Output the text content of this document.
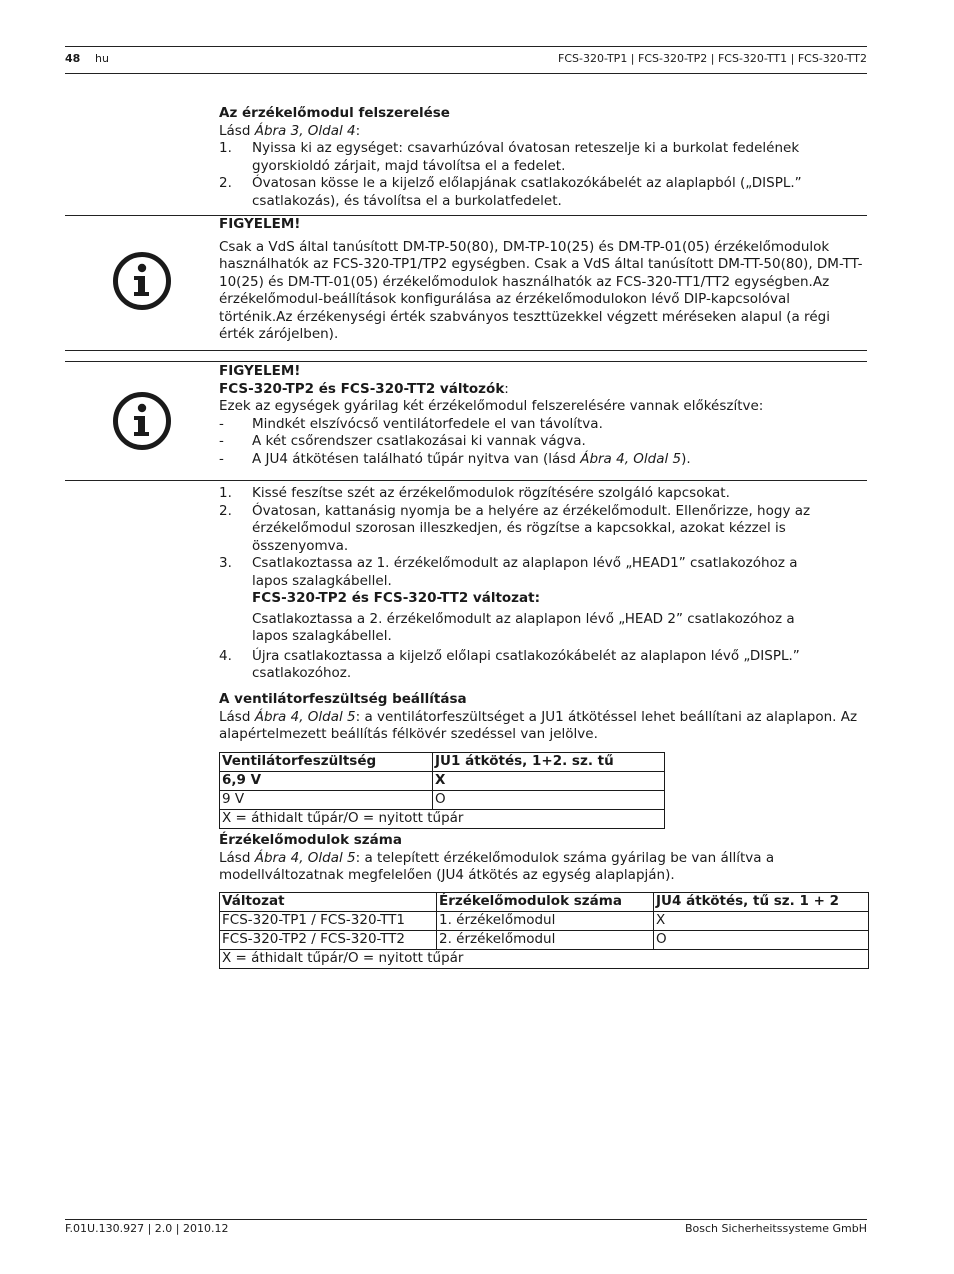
48 hu	FCS-320-TP1 | FCS-320-TP2 | FCS-320-TT1 | FCS-320-TT2
Az érzékelőmodul felszerelése
Lásd Ábra 3, Oldal 4:
1. Nyissa ki az egységet: csavarhúzóval óvatosan reteszelje ki a burkolat fedelének gyorskioldó zárjait, majd távolítsa el a fedelet.
2. Óvatosan kösse le a kijelző előlapjának csatlakozókábelét az alaplapból („DISPL.” csatlakozás), és távolítsa el a burkolatfedelet.
FIGYELEM!
Csak a VdS által tanúsított DM-TP-50(80), DM-TP-10(25) és DM-TP-01(05) érzékelőmodulok használhatók az FCS-320-TP1/TP2 egységben. Csak a VdS által tanúsított DM-TT-50(80), DM-TT-10(25) és DM-TT-01(05) érzékelőmodulok használhatók az FCS-320-TT1/TT2 egységben.Az érzékelőmodul-beállítások konfigurálása az érzékelőmodulokon lévő DIP-kapcsolóval történik.Az érzékenységi érték szabványos teszttüzekkel végzett méréseken alapul (a régi érték zárójelben).
FIGYELEM!
FCS-320-TP2 és FCS-320-TT2 változók:
Ezek az egységek gyárilag két érzékelőmodul felszerelésére vannak előkészítve:
- Mindkét elszívócső ventilátorfedele el van távolítva.
- A két csőrendszer csatlakozásai ki vannak vágva.
- A JU4 átkötésen található tűpár nyitva van (lásd Ábra 4, Oldal 5).
1. Kissé feszítse szét az érzékelőmodulok rögzítésére szolgáló kapcsokat.
2. Óvatosan, kattanásig nyomja be a helyére az érzékelőmodult. Ellenőrizze, hogy az érzékelőmodul szorosan illeszkedjen, és rögzítse a kapcsokkal, azokat kézzel is összenyomva.
3. Csatlakoztassa az 1. érzékelőmodult az alaplapon lévő „HEAD1” csatlakozóhoz a lapos szalagkábellel.
FCS-320-TP2 és FCS-320-TT2 változat:
Csatlakoztassa a 2. érzékelőmodult az alaplapon lévő „HEAD 2” csatlakozóhoz a lapos szalagkábellel.
4. Újra csatlakoztassa a kijelző előlapi csatlakozókábelét az alaplapon lévő „DISPL.” csatlakozóhoz.
A ventilátorfeszültség beállítása
Lásd Ábra 4, Oldal 5: a ventilátorfeszültséget a JU1 átkötéssel lehet beállítani az alaplapon. Az alapértelmezett beállítás félkövér szedéssel van jelölve.
Ventilátorfeszültség	JU1 átkötés, 1+2. sz. tű
6,9 V	X
9 V	O
X = áthidalt tűpár/O = nyitott tűpár	
Érzékelőmodulok száma
Lásd Ábra 4, Oldal 5: a telepített érzékelőmodulok száma gyárilag be van állítva a modellváltozatnak megfelelően (JU4 átkötés az egység alaplapján).
Változat	Érzékelőmodulok száma	JU4 átkötés, tű sz. 1 + 2
FCS-320-TP1 / FCS-320-TT1	1. érzékelőmodul	X
FCS-320-TP2 / FCS-320-TT2	2. érzékelőmodul	O
X = áthidalt tűpár/O = nyitott tűpár		
F.01U.130.927 | 2.0 | 2010.12	Bosch Sicherheitssysteme GmbH
